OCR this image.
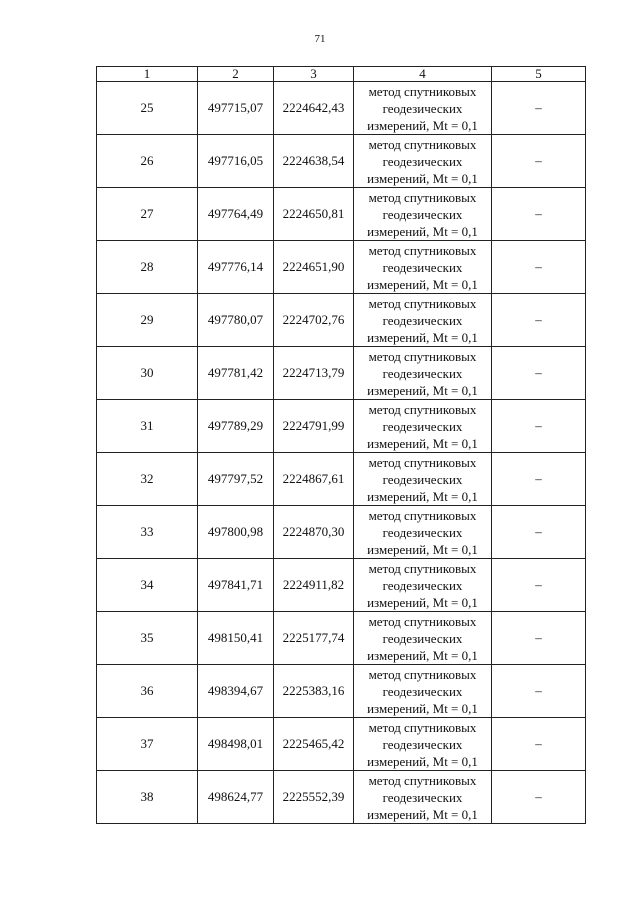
71
1	2	3	4	5
25	497715,07	2224642,43	метод спутниковых
геодезических
измерений, Mt = 0,1	–
26	497716,05	2224638,54	метод спутниковых
геодезических
измерений, Mt = 0,1	–
27	497764,49	2224650,81	метод спутниковых
геодезических
измерений, Mt = 0,1	–
28	497776,14	2224651,90	метод спутниковых
геодезических
измерений, Mt = 0,1	–
29	497780,07	2224702,76	метод спутниковых
геодезических
измерений, Mt = 0,1	–
30	497781,42	2224713,79	метод спутниковых
геодезических
измерений, Mt = 0,1	–
31	497789,29	2224791,99	метод спутниковых
геодезических
измерений, Mt = 0,1	–
32	497797,52	2224867,61	метод спутниковых
геодезических
измерений, Mt = 0,1	–
33	497800,98	2224870,30	метод спутниковых
геодезических
измерений, Mt = 0,1	–
34	497841,71	2224911,82	метод спутниковых
геодезических
измерений, Mt = 0,1	–
35	498150,41	2225177,74	метод спутниковых
геодезических
измерений, Mt = 0,1	–
36	498394,67	2225383,16	метод спутниковых
геодезических
измерений, Mt = 0,1	–
37	498498,01	2225465,42	метод спутниковых
геодезических
измерений, Mt = 0,1	–
38	498624,77	2225552,39	метод спутниковых
геодезических
измерений, Mt = 0,1	–
